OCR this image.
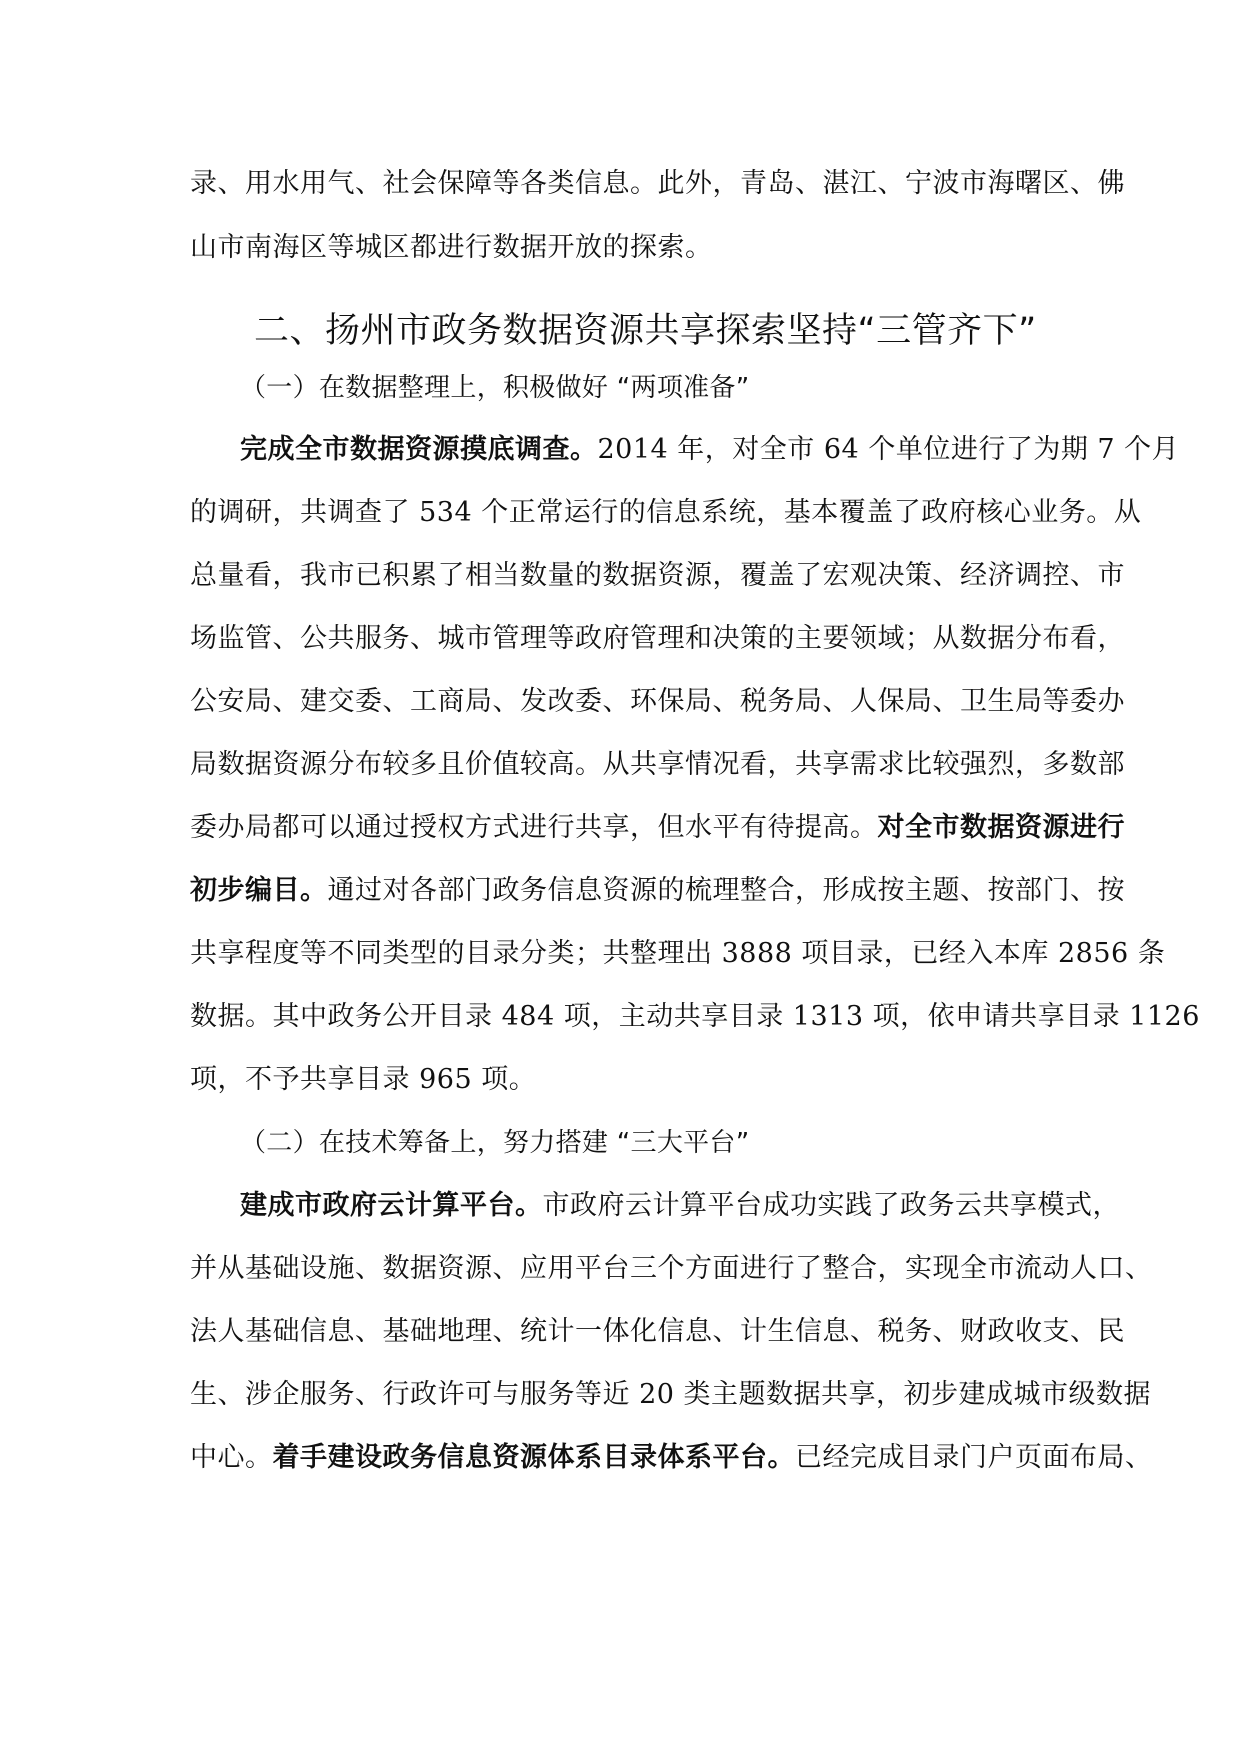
录、用水用气、社会保障等各类信息。此外，青岛、湛江、宁波市海曙区、佛
山市南海区等城区都进行数据开放的探索。
二、扬州市政务数据资源共享探索坚持“三管齐下”
（一）在数据整理上，积极做好 “两项准备”
完成全市数据资源摸底调查。2014 年，对全市 64 个单位进行了为期 7 个月
的调研，共调查了 534 个正常运行的信息系统，基本覆盖了政府核心业务。从
总量看，我市已积累了相当数量的数据资源，覆盖了宏观决策、经济调控、市
场监管、公共服务、城市管理等政府管理和决策的主要领域；从数据分布看，
公安局、建交委、工商局、发改委、环保局、税务局、人保局、卫生局等委办
局数据资源分布较多且价值较高。从共享情况看，共享需求比较强烈，多数部
委办局都可以通过授权方式进行共享，但水平有待提高。对全市数据资源进行
初步编目。通过对各部门政务信息资源的梳理整合，形成按主题、按部门、按
共享程度等不同类型的目录分类；共整理出 3888 项目录，已经入本库 2856 条
数据。其中政务公开目录 484 项，主动共享目录 1313 项，依申请共享目录 1126
项，不予共享目录 965 项。
（二）在技术筹备上，努力搭建 “三大平台”
建成市政府云计算平台。市政府云计算平台成功实践了政务云共享模式，
并从基础设施、数据资源、应用平台三个方面进行了整合，实现全市流动人口、
法人基础信息、基础地理、统计一体化信息、计生信息、税务、财政收支、民
生、涉企服务、行政许可与服务等近 20 类主题数据共享，初步建成城市级数据
中心。着手建设政务信息资源体系目录体系平台。已经完成目录门户页面布局、
